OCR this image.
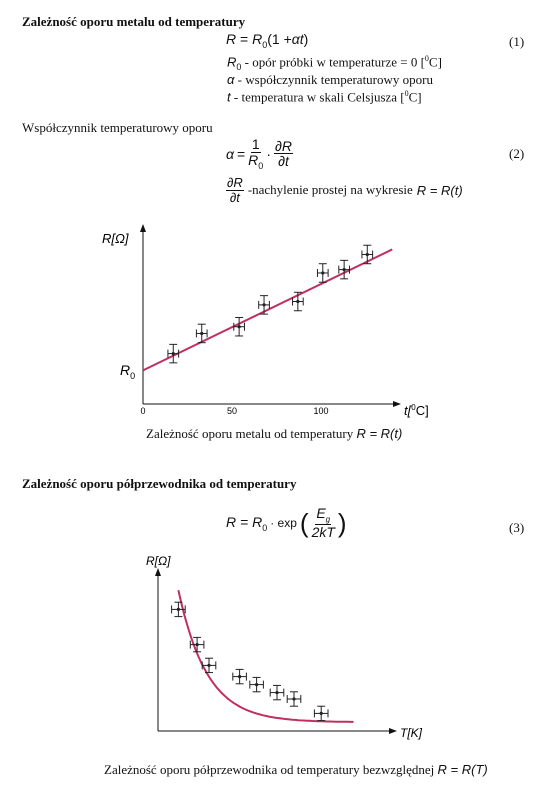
Zależność oporu metalu od temperatury
$R = R_0(1 +\alpha t)$	(1)
$R_0$ - opór próbki w temperaturze = 0 [$^0$C]
α - współczynnik temperaturowy oporu
t - temperatura w skali Celsjusza [$^0$C]
Współczynnik temperaturowy oporu
$\alpha = \frac{1}{R_0} \cdot \frac{\partial R}{\partial t}$	(2)
$\frac{\partial R}{\partial t}$ -nachylenie prostej na wykresie R = R(t)
R[Ω]
$R_0$
t[$^0$C]
0	50	100
R[Ω]
T[K]
Zależność oporu metalu od temperatury R = R(t)
Zależność oporu półprzewodnika od temperatury
$R = R_0 \cdot \exp$ ( $\frac{E_g}{2kT}$ )	(3)
Zależność oporu półprzewodnika od temperatury bezwzględnej R = R(T)
